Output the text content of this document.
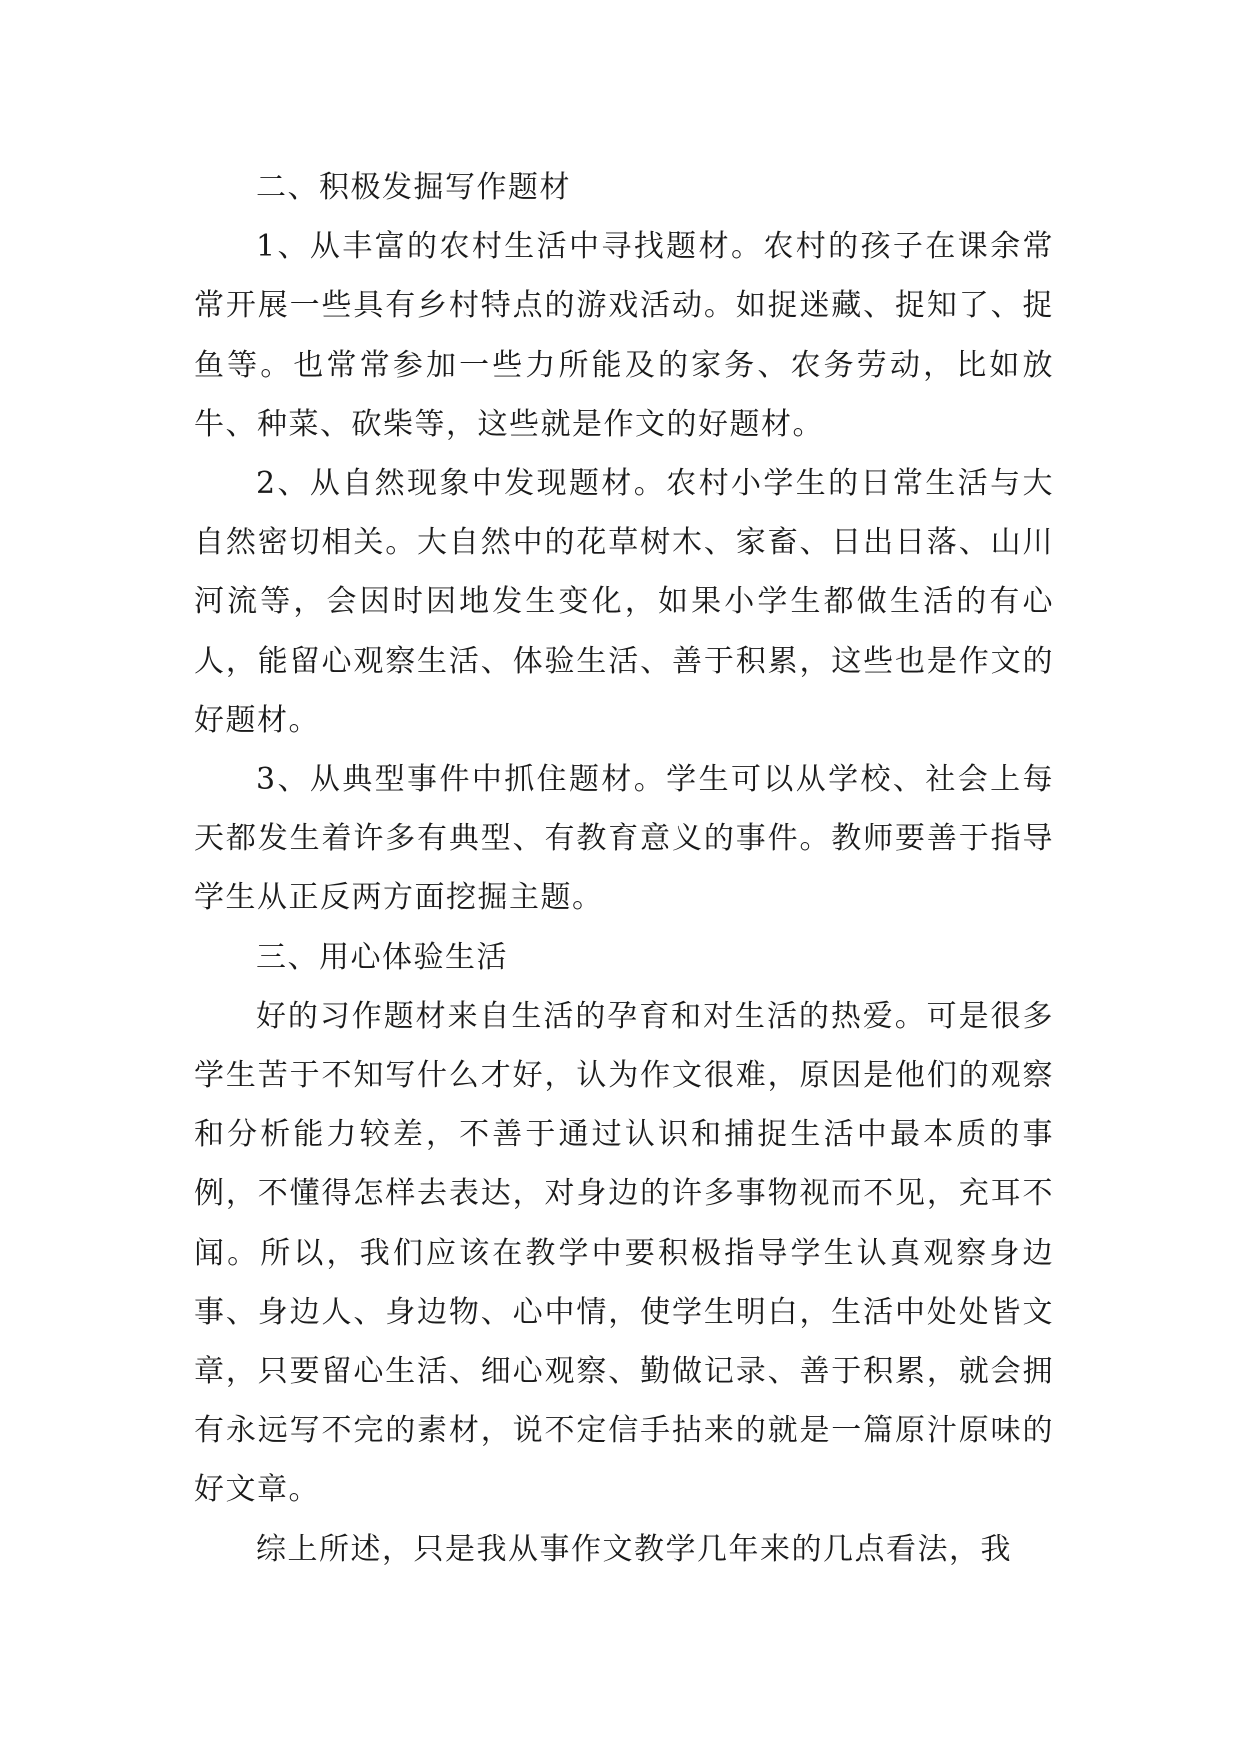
二、积极发掘写作题材

1、从丰富的农村生活中寻找题材。农村的孩子在课余常常开展一些具有乡村特点的游戏活动。如捉迷藏、捉知了、捉鱼等。也常常参加一些力所能及的家务、农务劳动，比如放牛、种菜、砍柴等，这些就是作文的好题材。

2、从自然现象中发现题材。农村小学生的日常生活与大自然密切相关。大自然中的花草树木、家畜、日出日落、山川河流等，会因时因地发生变化，如果小学生都做生活的有心人，能留心观察生活、体验生活、善于积累，这些也是作文的好题材。

3、从典型事件中抓住题材。学生可以从学校、社会上每天都发生着许多有典型、有教育意义的事件。教师要善于指导学生从正反两方面挖掘主题。

三、用心体验生活

好的习作题材来自生活的孕育和对生活的热爱。可是很多学生苦于不知写什么才好，认为作文很难，原因是他们的观察和分析能力较差，不善于通过认识和捕捉生活中最本质的事例，不懂得怎样去表达，对身边的许多事物视而不见，充耳不闻。所以，我们应该在教学中要积极指导学生认真观察身边事、身边人、身边物、心中情，使学生明白，生活中处处皆文章，只要留心生活、细心观察、勤做记录、善于积累，就会拥有永远写不完的素材，说不定信手拈来的就是一篇原汁原味的好文章。

综上所述，只是我从事作文教学几年来的几点看法，我
